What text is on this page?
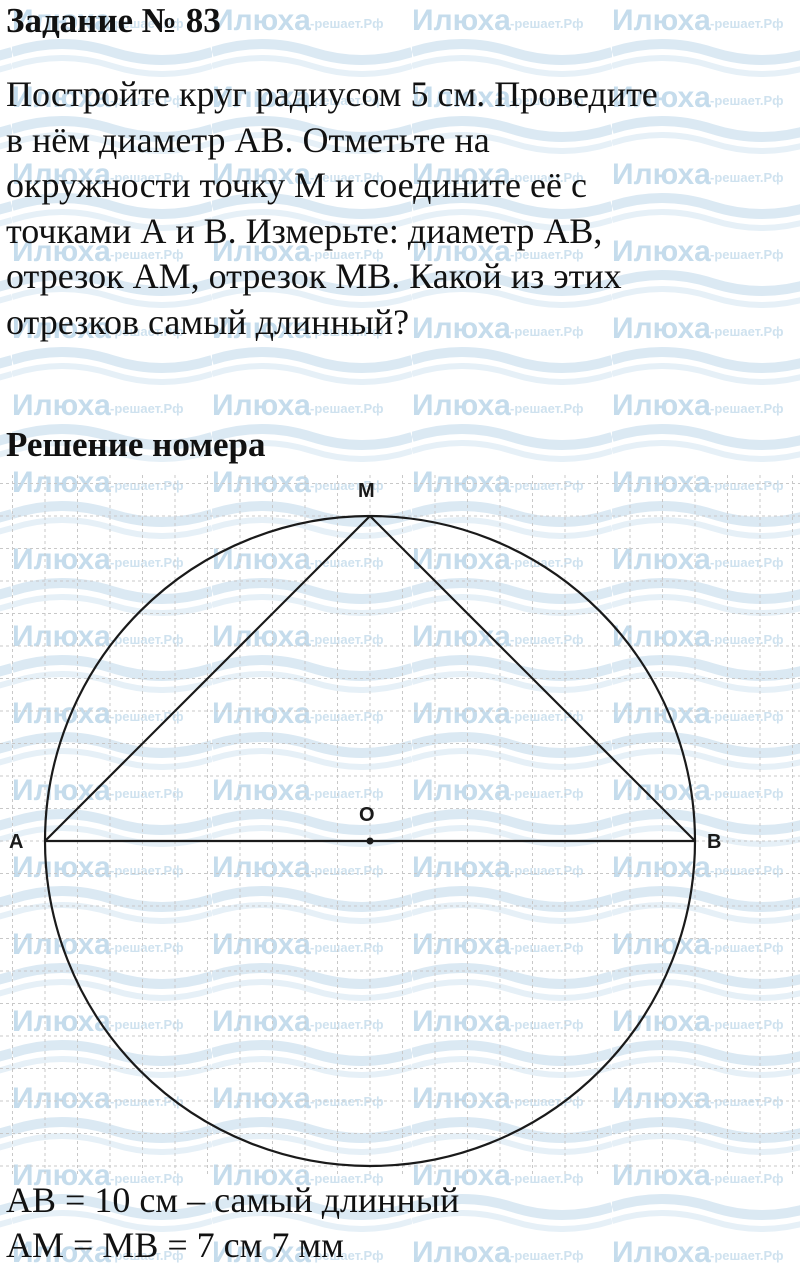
Задание № 83
Постройте круг радиусом 5 см. Проведите
в нём диаметр АВ. Отметьте на
окружности точку М и соедините её с
точками А и В. Измерьте: диаметр АВ,
отрезок АМ, отрезок МВ. Какой из этих
отрезков самый длинный?
Решение номера
M
O
A	B
AB = 10 см – самый длинный
AM = MB = 7 см 7 мм
